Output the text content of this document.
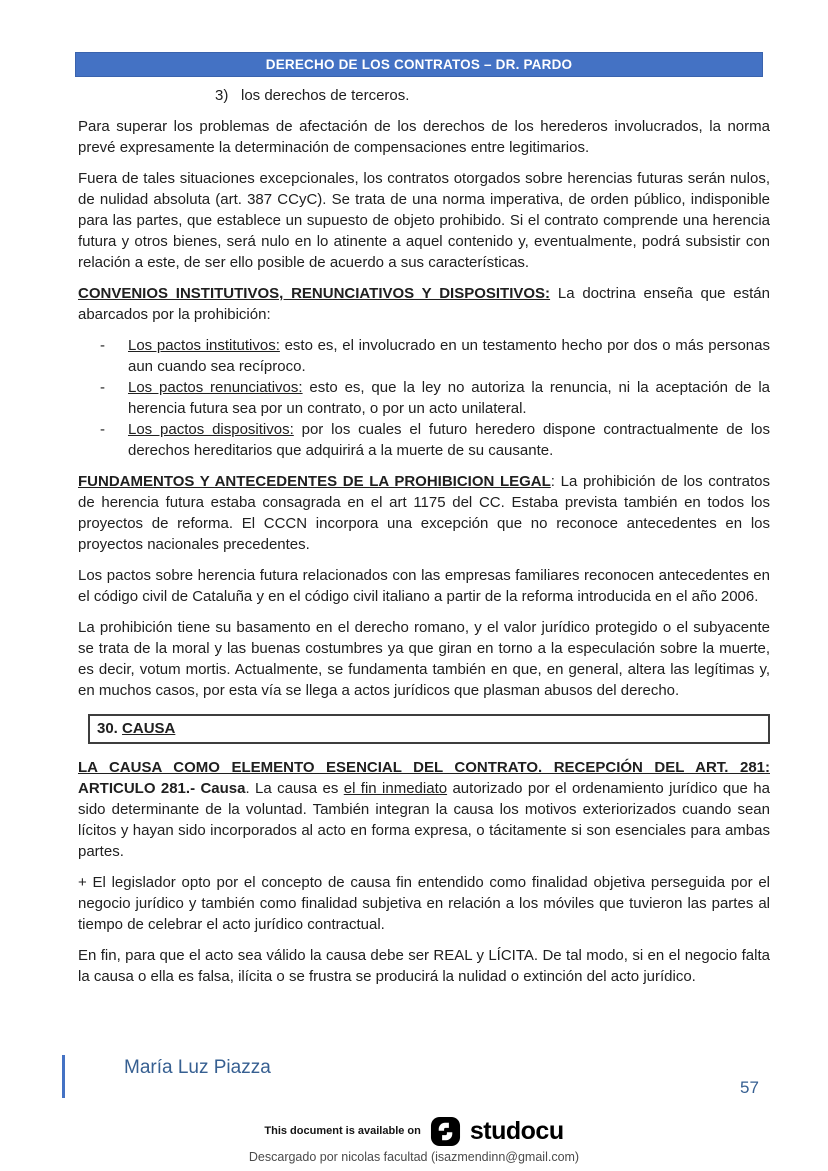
DERECHO DE LOS CONTRATOS – DR. PARDO
3) los derechos de terceros.

Para superar los problemas de afectación de los derechos de los herederos involucrados, la norma prevé expresamente la determinación de compensaciones entre legitimarios.

Fuera de tales situaciones excepcionales, los contratos otorgados sobre herencias futuras serán nulos, de nulidad absoluta (art. 387 CCyC). Se trata de una norma imperativa, de orden público, indisponible para las partes, que establece un supuesto de objeto prohibido. Si el contrato comprende una herencia futura y otros bienes, será nulo en lo atinente a aquel contenido y, eventualmente, podrá subsistir con relación a este, de ser ello posible de acuerdo a sus características.

CONVENIOS INSTITUTIVOS, RENUNCIATIVOS Y DISPOSITIVOS: La doctrina enseña que están abarcados por la prohibición:

- Los pactos institutivos: esto es, el involucrado en un testamento hecho por dos o más personas aun cuando sea recíproco.
- Los pactos renunciativos: esto es, que la ley no autoriza la renuncia, ni la aceptación de la herencia futura sea por un contrato, o por un acto unilateral.
- Los pactos dispositivos: por los cuales el futuro heredero dispone contractualmente de los derechos hereditarios que adquirirá a la muerte de su causante.

FUNDAMENTOS Y ANTECEDENTES DE LA PROHIBICION LEGAL: La prohibición de los contratos de herencia futura estaba consagrada en el art 1175 del CC. Estaba prevista también en todos los proyectos de reforma. El CCCN incorpora una excepción que no reconoce antecedentes en los proyectos nacionales precedentes.

Los pactos sobre herencia futura relacionados con las empresas familiares reconocen antecedentes en el código civil de Cataluña y en el código civil italiano a partir de la reforma introducida en el año 2006.

La prohibición tiene su basamento en el derecho romano, y el valor jurídico protegido o el subyacente se trata de la moral y las buenas costumbres ya que giran en torno a la especulación sobre la muerte, es decir, votum mortis. Actualmente, se fundamenta también en que, en general, altera las legítimas y, en muchos casos, por esta vía se llega a actos jurídicos que plasman abusos del derecho.

30. CAUSA

LA CAUSA COMO ELEMENTO ESENCIAL DEL CONTRATO. RECEPCIÓN DEL ART. 281: ARTICULO 281.- Causa. La causa es el fin inmediato autorizado por el ordenamiento jurídico que ha sido determinante de la voluntad. También integran la causa los motivos exteriorizados cuando sean lícitos y hayan sido incorporados al acto en forma expresa, o tácitamente si son esenciales para ambas partes.

+ El legislador opto por el concepto de causa fin entendido como finalidad objetiva perseguida por el negocio jurídico y también como finalidad subjetiva en relación a los móviles que tuvieron las partes al tiempo de celebrar el acto jurídico contractual.

En fin, para que el acto sea válido la causa debe ser REAL y LÍCITA. De tal modo, si en el negocio falta la causa o ella es falsa, ilícita o se frustra se producirá la nulidad o extinción del acto jurídico.

María Luz Piazza
57
This document is available on studocu
Descargado por nicolas facultad (isazmendinn@gmail.com)
